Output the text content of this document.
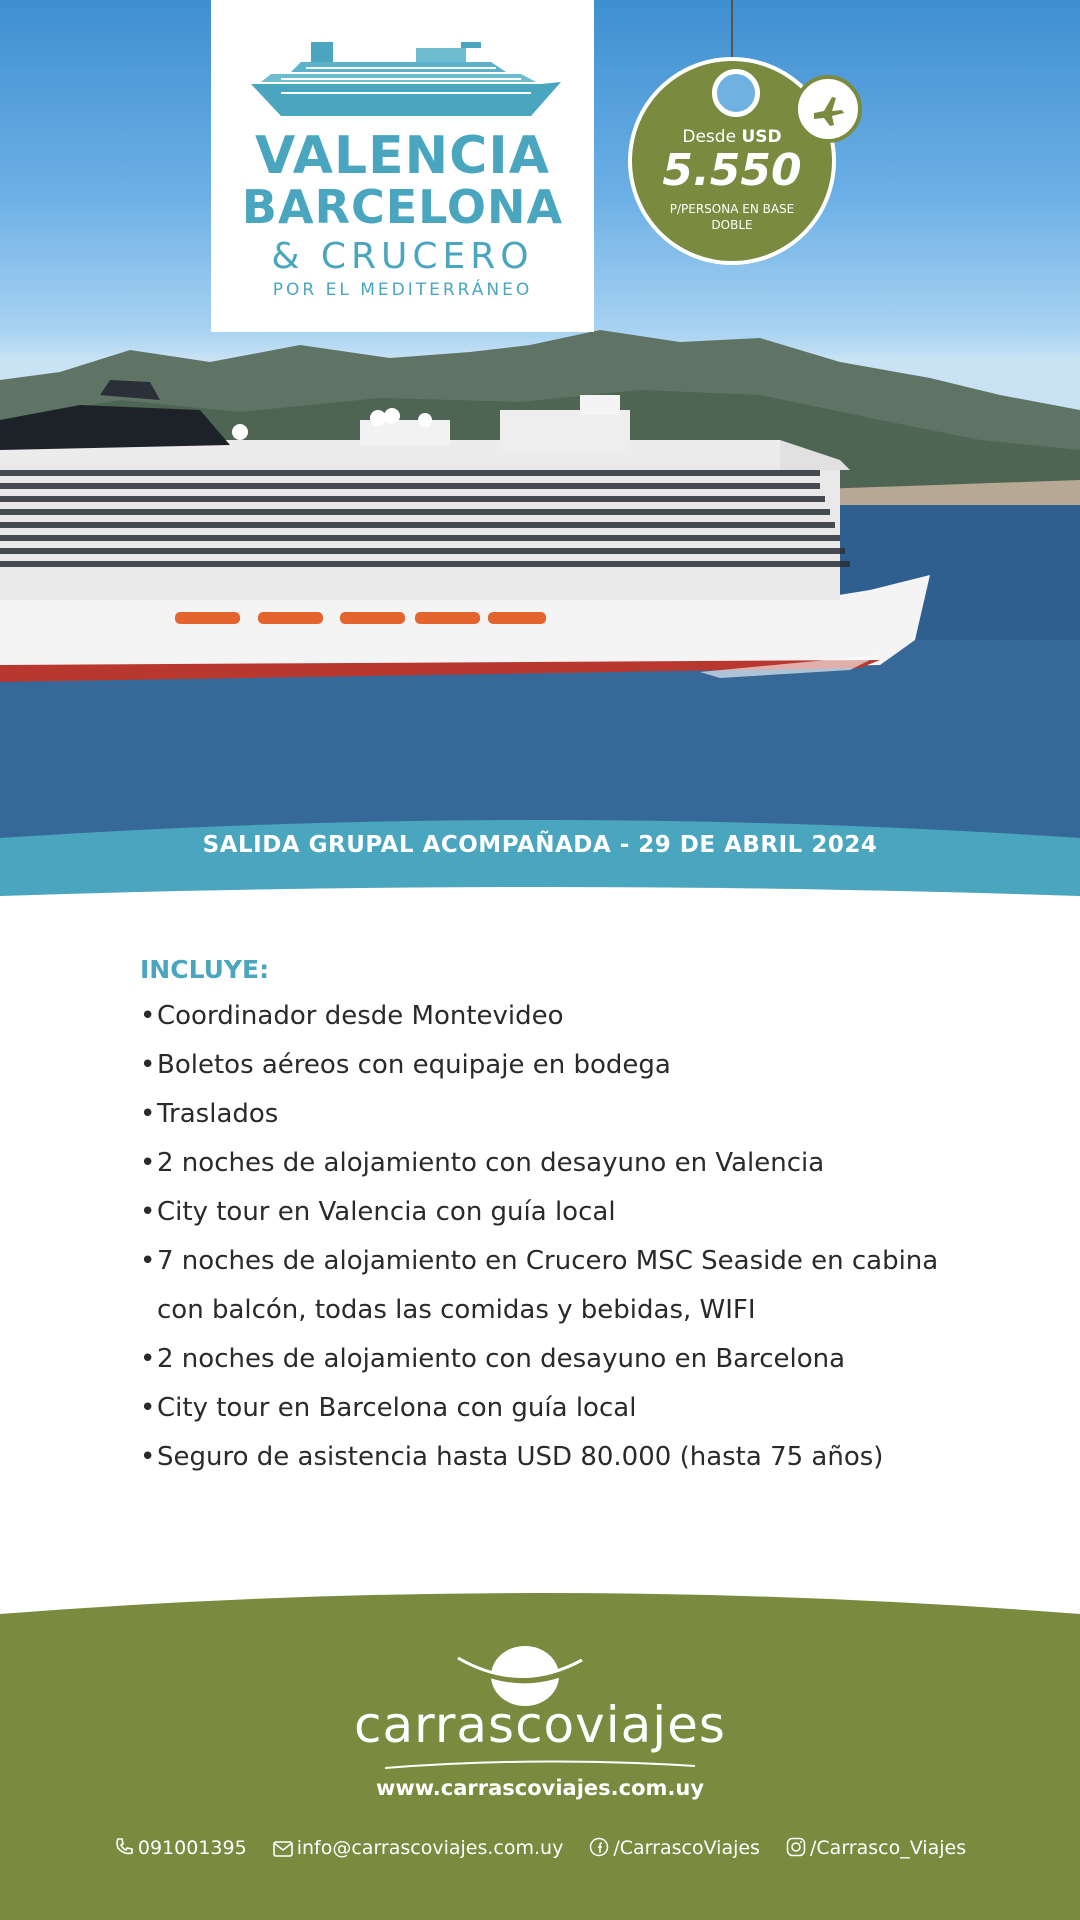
VALENCIA
BARCELONA
& CRUCERO
POR EL MEDITERRÁNEO
Desde USD
5.550
P/PERSONA EN BASE DOBLE
SALIDA GRUPAL ACOMPAÑADA - 29 DE ABRIL 2024
INCLUYE:
• Coordinador desde Montevideo
• Boletos aéreos con equipaje en bodega
• Traslados
• 2 noches de alojamiento con desayuno en Valencia
• City tour en Valencia con guía local
• 7 noches de alojamiento en Crucero MSC Seaside en cabina con balcón, todas las comidas y bebidas, WIFI
• 2 noches de alojamiento con desayuno en Barcelona
• City tour en Barcelona con guía local
• Seguro de asistencia hasta USD 80.000 (hasta 75 años)
carrascoviajes
www.carrascoviajes.com.uy
091001395	info@carrascoviajes.com.uy	/CarrascoViajes	/Carrasco_Viajes
